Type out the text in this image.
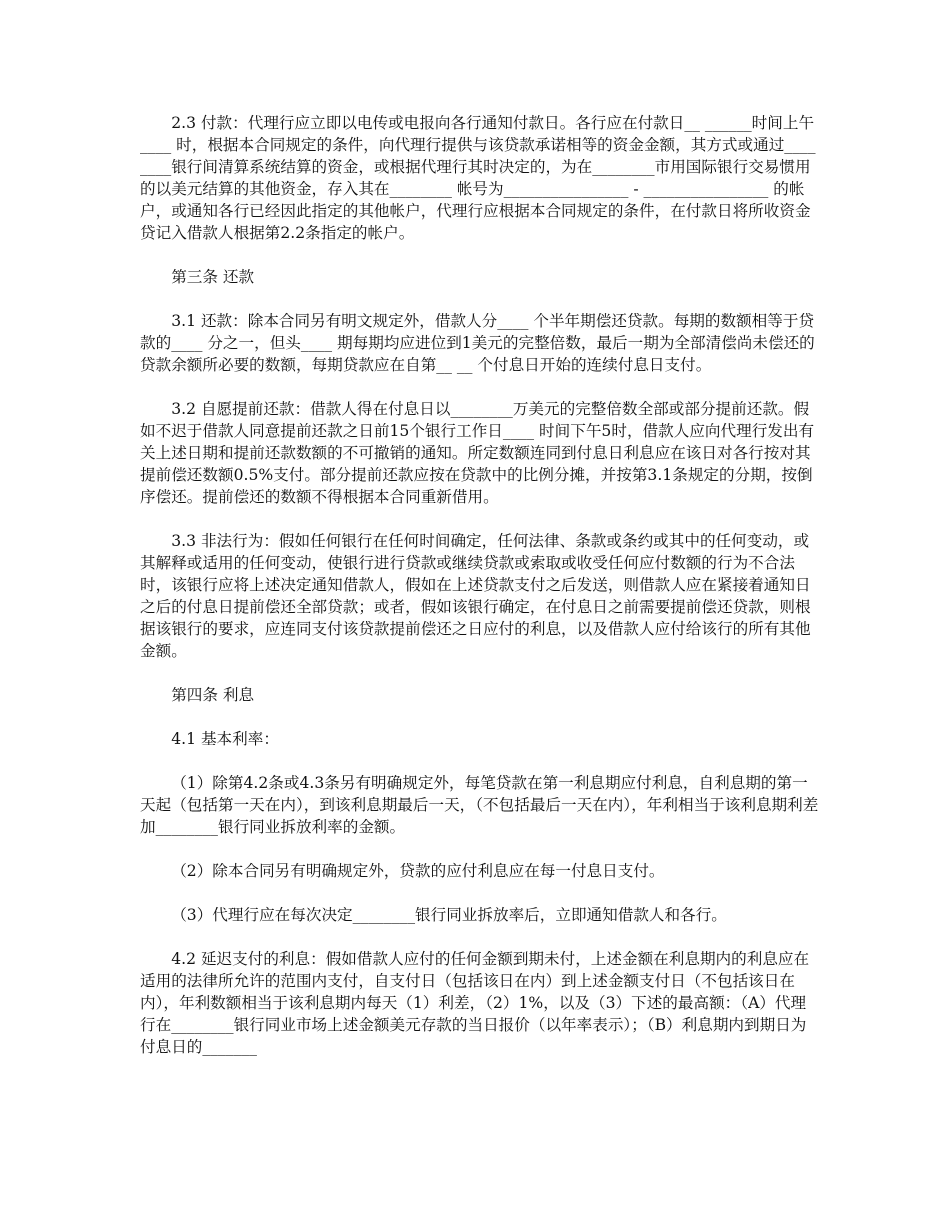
2.3 付款：代理行应立即以电传或电报向各行通知付款日。各行应在付款日__ ______时间上午____ 时，根据本合同规定的条件，向代理行提供与该贷款承诺相等的资金金额，其方式或通过________银行间清算系统结算的资金，或根据代理行其时决定的，为在________市用国际银行交易惯用的以美元结算的其他资金，存入其在________ 帐号为________________ - ________________ 的帐户，或通知各行已经因此指定的其他帐户，代理行应根据本合同规定的条件，在付款日将所收资金贷记入借款人根据第2.2条指定的帐户。

第三条 还款

3.1 还款：除本合同另有明文规定外，借款人分____ 个半年期偿还贷款。每期的数额相等于贷款的____ 分之一，但头____ 期每期均应进位到1美元的完整倍数，最后一期为全部清偿尚未偿还的贷款余额所必要的数额，每期贷款应在自第__ __ 个付息日开始的连续付息日支付。

3.2 自愿提前还款：借款人得在付息日以________万美元的完整倍数全部或部分提前还款。假如不迟于借款人同意提前还款之日前15个银行工作日____ 时间下午5时，借款人应向代理行发出有关上述日期和提前还款数额的不可撤销的通知。所定数额连同到付息日利息应在该日对各行按对其提前偿还数额0.5%支付。部分提前还款应按在贷款中的比例分摊，并按第3.1条规定的分期，按倒序偿还。提前偿还的数额不得根据本合同重新借用。

3.3 非法行为：假如任何银行在任何时间确定，任何法律、条款或条约或其中的任何变动，或其解释或适用的任何变动，使银行进行贷款或继续贷款或索取或收受任何应付数额的行为不合法时，该银行应将上述决定通知借款人，假如在上述贷款支付之后发送，则借款人应在紧接着通知日之后的付息日提前偿还全部贷款；或者，假如该银行确定，在付息日之前需要提前偿还贷款，则根据该银行的要求，应连同支付该贷款提前偿还之日应付的利息，以及借款人应付给该行的所有其他金额。

第四条 利息

4.1 基本利率：

（1）除第4.2条或4.3条另有明确规定外，每笔贷款在第一利息期应付利息，自利息期的第一天起（包括第一天在内），到该利息期最后一天，（不包括最后一天在内），年利相当于该利息期利差加________银行同业拆放利率的金额。

（2）除本合同另有明确规定外，贷款的应付利息应在每一付息日支付。

（3）代理行应在每次决定________银行同业拆放率后，立即通知借款人和各行。

4.2 延迟支付的利息：假如借款人应付的任何金额到期未付，上述金额在利息期内的利息应在适用的法律所允许的范围内支付，自支付日（包括该日在内）到上述金额支付日（不包括该日在内），年利数额相当于该利息期内每天（1）利差，（2）1%，以及（3）下述的最高额：（A）代理行在________银行同业市场上述金额美元存款的当日报价（以年率表示）；（B）利息期内到期日为付息日的_______
